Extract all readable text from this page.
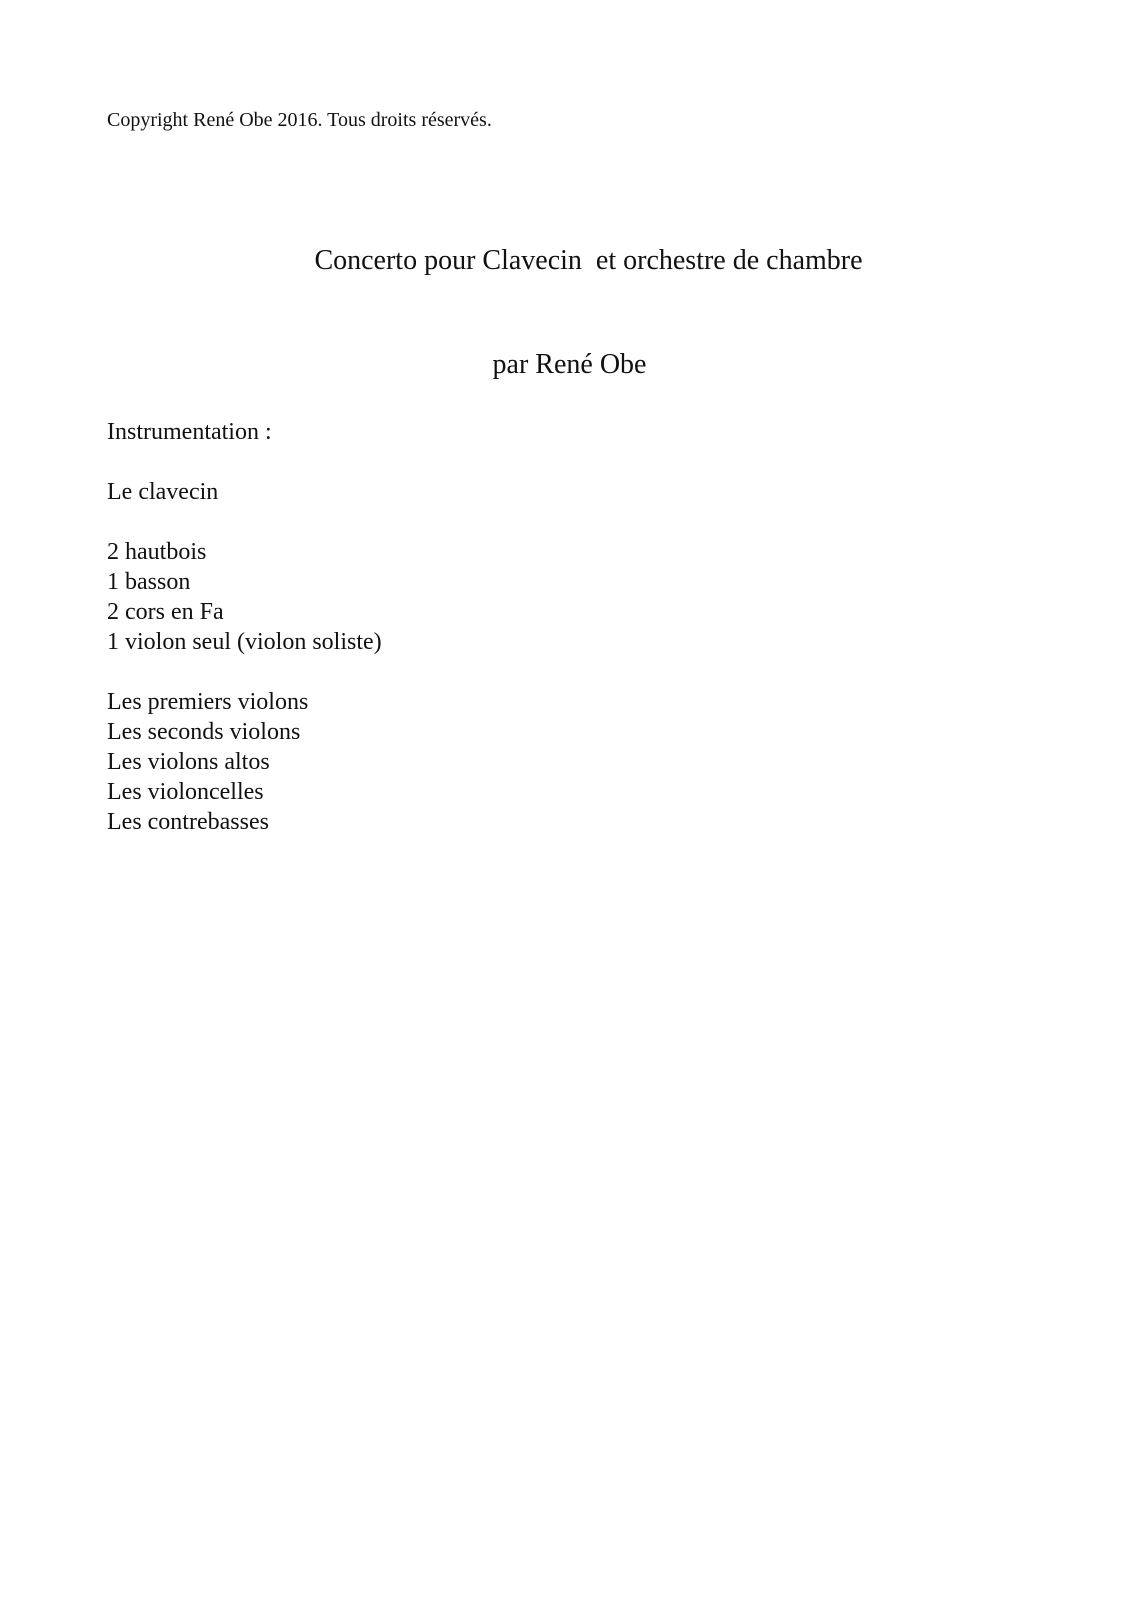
Copyright René Obe 2016. Tous droits réservés.
Concerto pour Clavecin  et orchestre de chambre
par René Obe
Instrumentation :
Le clavecin
2 hautbois
1 basson
2 cors en Fa
1 violon seul (violon soliste)
Les premiers violons
Les seconds violons
Les violons altos
Les violoncelles
Les contrebasses
